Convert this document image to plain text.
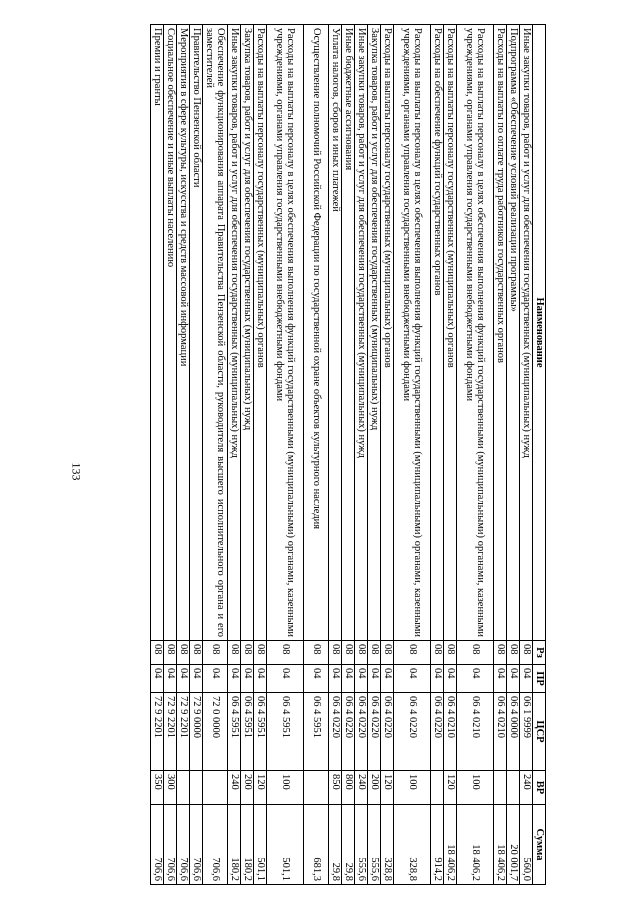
133
Наименование	Рз	ПР	ЦСР	ВР	Сумма
Иные закупки товаров, работ и услуг для обеспечения государственных (муниципальных) нужд	08	04	06 1 9999	240	560,0
Подпрограмма «Обеспечение условий реализации программы»	08	04	06 4 0000		20 001,7
Расходы на выплаты по оплате труда работников государственных органов	08	04	06 4 0210		18 406,2
Расходы на выплаты персоналу в целях обеспечения выполнения функций государственными (муниципальными) органами, казенными учреждениями, органами управления государственными внебюджетными фондами	08	04	06 4 0210	100	18 406,2
Расходы на выплаты персоналу государственных (муниципальных) органов	08	04	06 4 0210	120	18 406,2
Расходы на обеспечение функций государственных органов	08	04	06 4 0220		914,2
Расходы на выплаты персоналу в целях обеспечения выполнения функций государственными (муниципальными) органами, казенными учреждениями, органами управления государственными внебюджетными фондами	08	04	06 4 0220	100	328,8
Расходы на выплаты персоналу государственных (муниципальных) органов	08	04	06 4 0220	120	328,8
Закупка товаров, работ и услуг для обеспечения государственных (муниципальных) нужд	08	04	06 4 0220	200	555,6
Иные закупки товаров, работ и услуг для обеспечения государственных (муниципальных) нужд	08	04	06 4 0220	240	555,6
Иные бюджетные ассигнования	08	04	06 4 0220	800	29,8
Уплата налогов, сборов и иных платежей	08	04	06 4 0220	850	29,8
Осуществление полномочий Российской Федерации по государственной охране объектов культурного наследия	08	04	06 4 5951		681,3
Расходы на выплаты персоналу в целях обеспечения выполнения функций государственными (муниципальными) органами, казенными учреждениями, органами управления государственными внебюджетными фондами	08	04	06 4 5951	100	501,1
Расходы на выплаты персоналу государственных (муниципальных) органов	08	04	06 4 5951	120	501,1
Закупка товаров, работ и услуг для обеспечения государственных (муниципальных) нужд	08	04	06 4 5951	200	180,2
Иные закупки товаров, работ и услуг для обеспечения государственных (муниципальных) нужд	08	04	06 4 5951	240	180,2
Обеспечение функционирования аппарата Правительства Пензенской области, руководителя высшего исполнительного органа и его заместителей	08	04	72 0 0000		706,6
Правительство Пензенской области	08	04	72 9 0000		706,6
Мероприятия в сфере культуры, искусства и средств массовой информации	08	04	72 9 2201		706,6
Социальное обеспечение и иные выплаты населению	08	04	72 9 2201	300	706,6
Премии и гранты	08	04	72 9 2201	350	706,6
